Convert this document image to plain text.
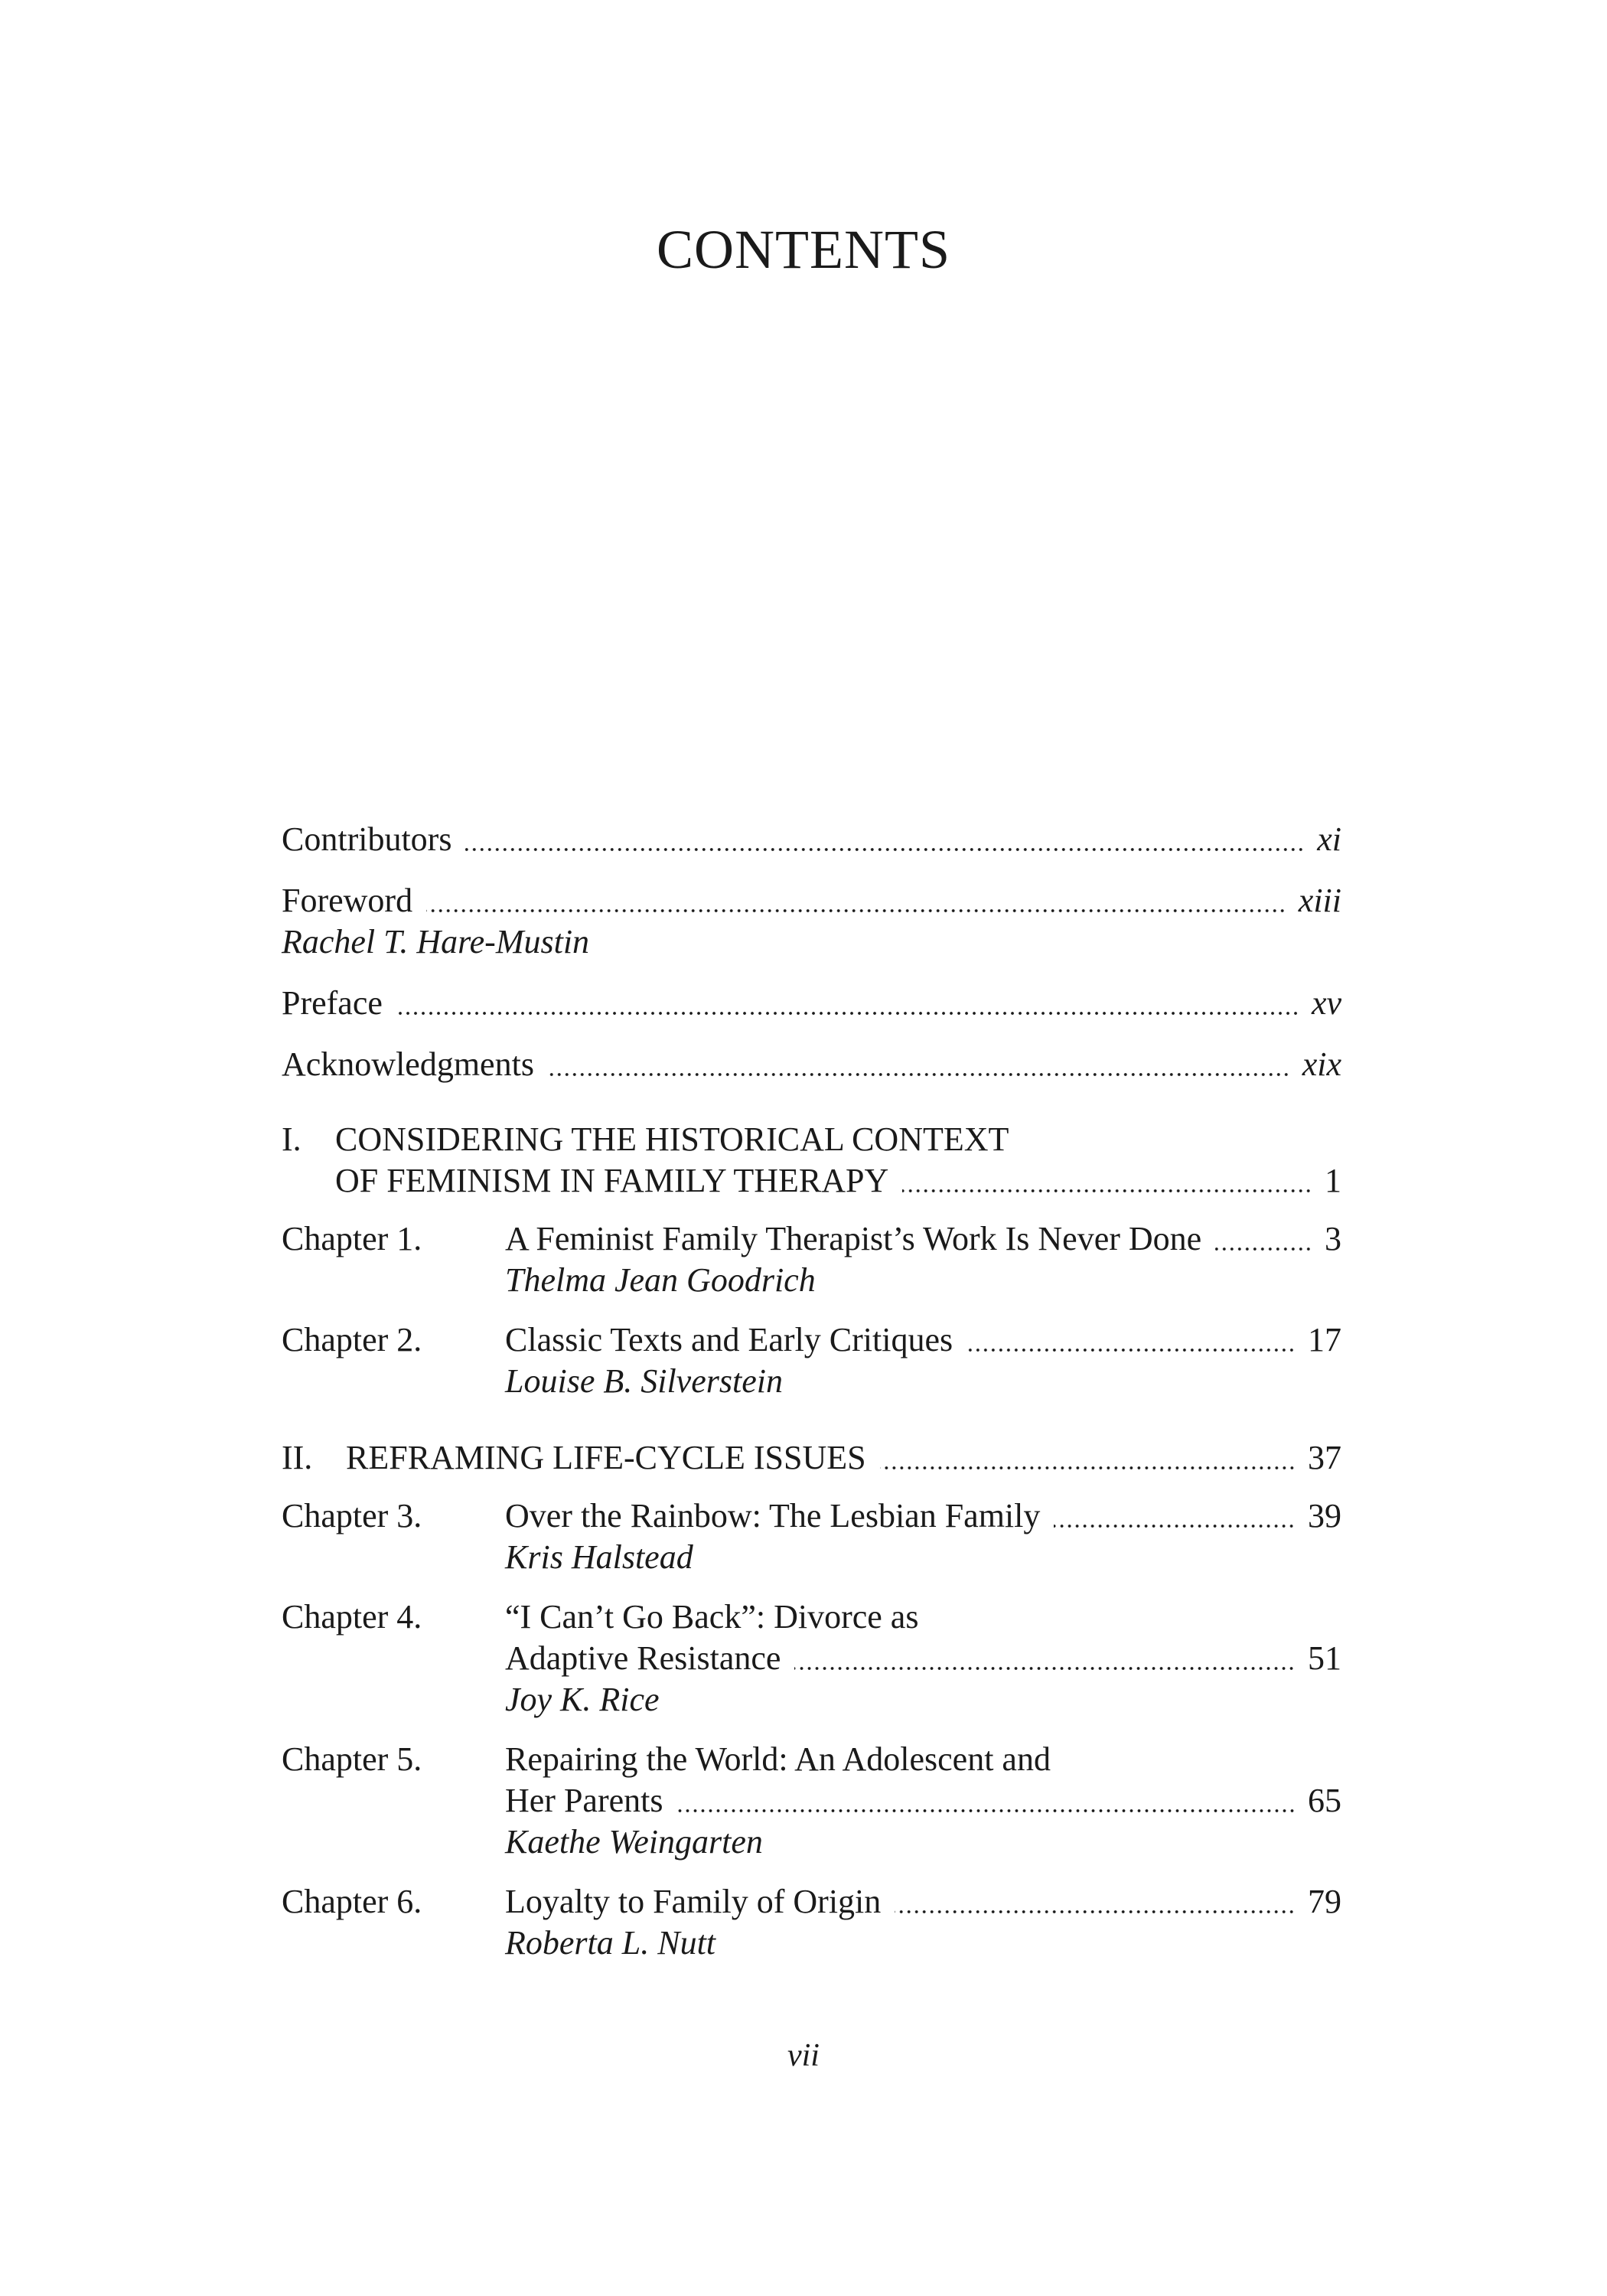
CONTENTS
Contributors	xi
Foreword	xiii
Rachel T. Hare-Mustin
Preface	xv
Acknowledgments	xix
I.	CONSIDERING THE HISTORICAL CONTEXT
OF FEMINISM IN FAMILY THERAPY	1
Chapter 1.	A Feminist Family Therapist’s Work Is Never Done	3
Thelma Jean Goodrich
Chapter 2.	Classic Texts and Early Critiques	17
Louise B. Silverstein
II. REFRAMING LIFE-CYCLE ISSUES	37
Chapter 3.	Over the Rainbow: The Lesbian Family	39
Kris Halstead
Chapter 4.	“I Can’t Go Back”: Divorce as
Adaptive Resistance	51
Joy K. Rice
Chapter 5.	Repairing the World: An Adolescent and
Her Parents	65
Kaethe Weingarten
Chapter 6.	Loyalty to Family of Origin	79
Roberta L. Nutt
vii
